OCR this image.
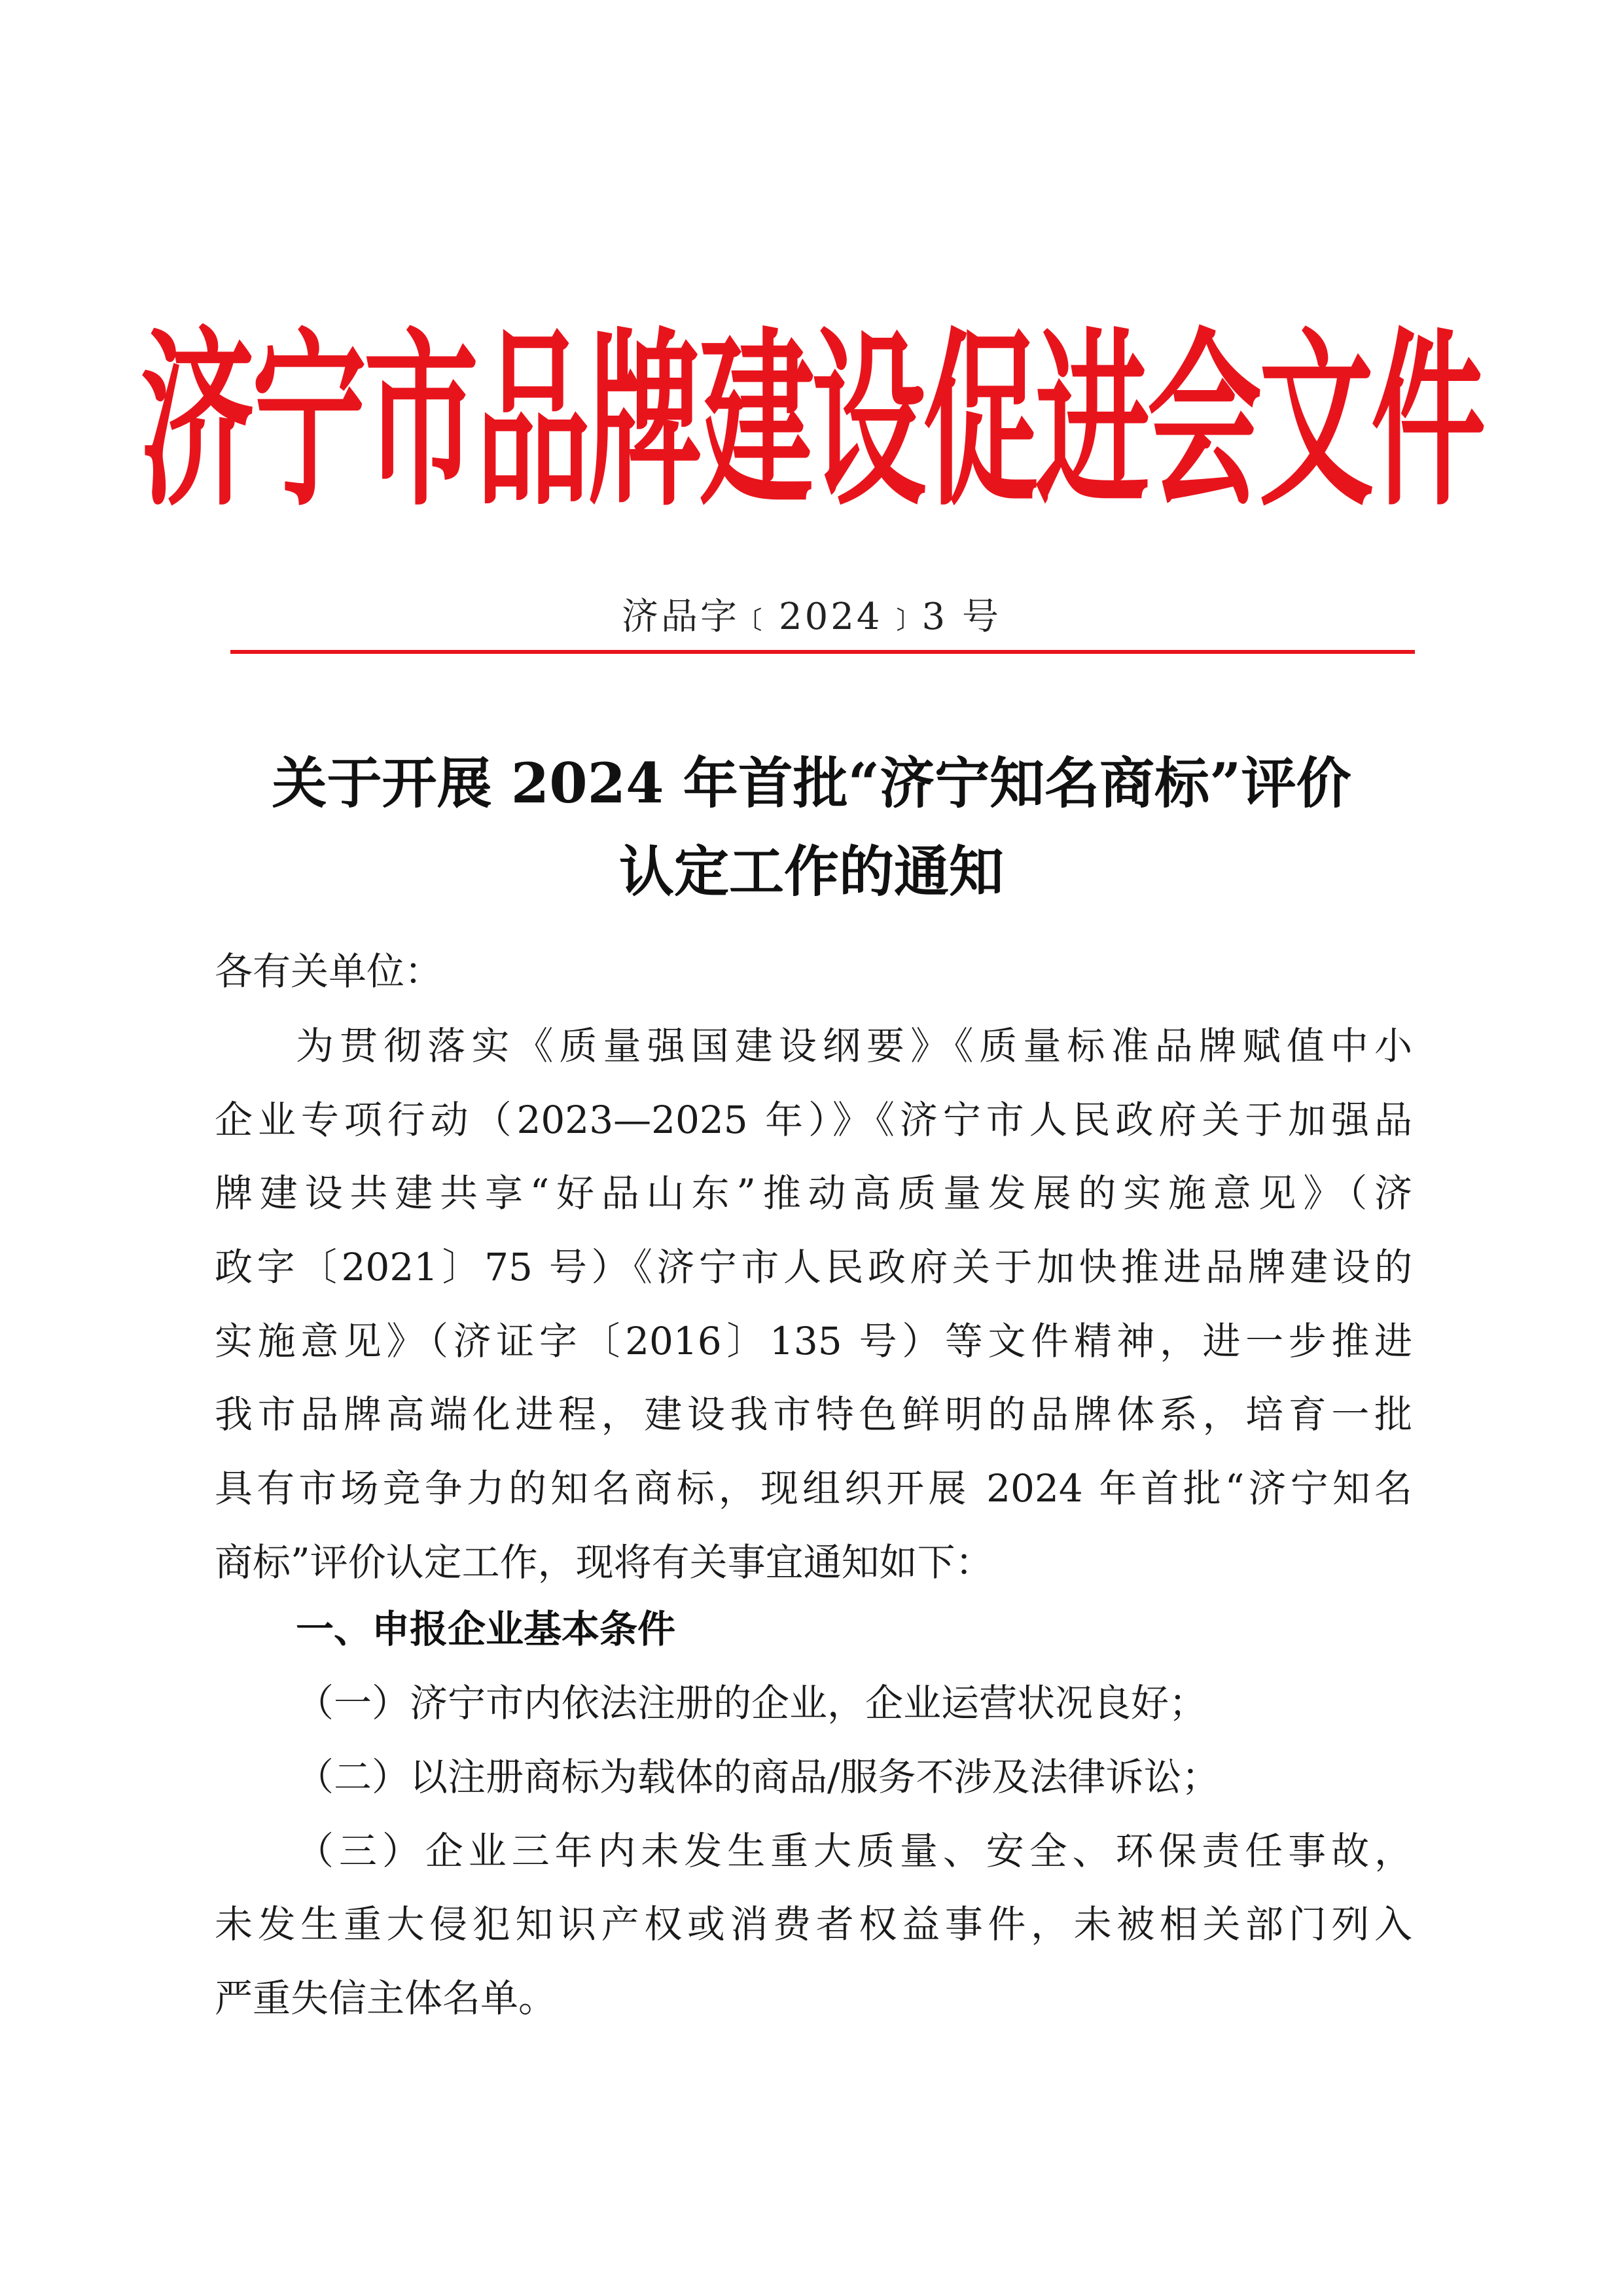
济宁市品牌建设促进会文件
济品字﹝2024﹞3 号
关于开展 2024 年首批“济宁知名商标”评价
认定工作的通知
各有关单位：
为贯彻落实《质量强国建设纲要》《质量标准品牌赋值中小
企业专项行动（2023—2025 年）》《济宁市人民政府关于加强品
牌建设共建共享“好品山东”推动高质量发展的实施意见》（济
政字〔2021〕75 号）《济宁市人民政府关于加快推进品牌建设的
实施意见》（济证字〔2016〕135 号）等文件精神，进一步推进
我市品牌高端化进程，建设我市特色鲜明的品牌体系，培育一批
具有市场竞争力的知名商标，现组织开展 2024 年首批“济宁知名
商标”评价认定工作，现将有关事宜通知如下：
一、申报企业基本条件
（一）济宁市内依法注册的企业，企业运营状况良好；
（二）以注册商标为载体的商品/服务不涉及法律诉讼；
（三）企业三年内未发生重大质量、安全、环保责任事故，
未发生重大侵犯知识产权或消费者权益事件，未被相关部门列入
严重失信主体名单。
